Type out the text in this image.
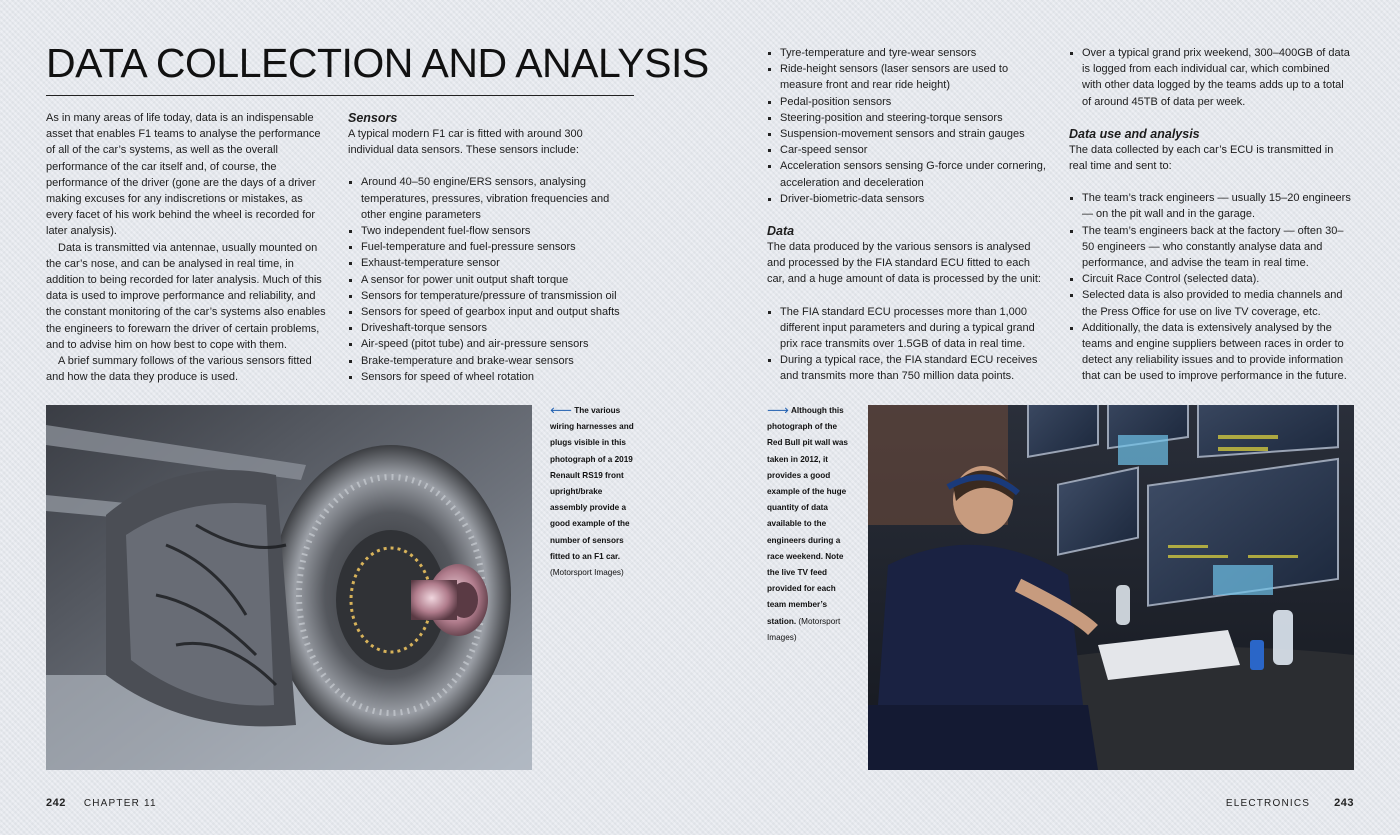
DATA COLLECTION AND ANALYSIS

As in many areas of life today, data is an indispensable asset that enables F1 teams to analyse the performance of all of the car’s systems, as well as the overall performance of the car itself and, of course, the performance of the driver (gone are the days of a driver making excuses for any indiscretions or mistakes, as every facet of his work behind the wheel is recorded for later analysis).

Data is transmitted via antennae, usually mounted on the car’s nose, and can be analysed in real time, in addition to being recorded for later analysis. Much of this data is used to improve performance and reliability, and the constant monitoring of the car’s systems also enables the engineers to forewarn the driver of certain problems, and to advise him on how best to cope with them.

A brief summary follows of the various sensors fitted and how the data they produce is used.

Sensors

A typical modern F1 car is fitted with around 300 individual data sensors. These sensors include:

Around 40–50 engine/ERS sensors, analysing temperatures, pressures, vibration frequencies and other engine parameters
Two independent fuel-flow sensors
Fuel-temperature and fuel-pressure sensors
Exhaust-temperature sensor
A sensor for power unit output shaft torque
Sensors for temperature/pressure of transmission oil
Sensors for speed of gearbox input and output shafts
Driveshaft-torque sensors
Air-speed (pitot tube) and air-pressure sensors
Brake-temperature and brake-wear sensors
Sensors for speed of wheel rotation
Tyre-temperature and tyre-wear sensors
Ride-height sensors (laser sensors are used to measure front and rear ride height)
Pedal-position sensors
Steering-position and steering-torque sensors
Suspension-movement sensors and strain gauges
Car-speed sensor
Acceleration sensors sensing G-force under cornering, acceleration and deceleration
Driver-biometric-data sensors
Data

The data produced by the various sensors is analysed and processed by the FIA standard ECU fitted to each car, and a huge amount of data is processed by the unit:

The FIA standard ECU processes more than 1,000 different input parameters and during a typical grand prix race transmits over 1.5GB of data in real time.
During a typical race, the FIA standard ECU receives and transmits more than 750 million data points.
Over a typical grand prix weekend, 300–400GB of data is logged from each individual car, which combined with other data logged by the teams adds up to a total of around 45TB of data per week.
Data use and analysis

The data collected by each car’s ECU is transmitted in real time and sent to:

The team’s track engineers — usually 15–20 engineers — on the pit wall and in the garage.
The team’s engineers back at the factory — often 30–50 engineers — who constantly analyse data and performance, and advise the team in real time.
Circuit Race Control (selected data).
Selected data is also provided to media channels and the Press Office for use on live TV coverage, etc.
Additionally, the data is extensively analysed by the teams and engine suppliers between races in order to detect any reliability issues and to provide information that can be used to improve performance in the future.
🡐 The various wiring harnesses and plugs visible in this photograph of a 2019 Renault RS19 front upright/brake assembly provide a good example of the number of sensors fitted to an F1 car. (Motorsport Images)
🡒 Although this photograph of the Red Bull pit wall was taken in 2012, it provides a good example of the huge quantity of data available to the engineers during a race weekend. Note the live TV feed provided for each team member’s station. (Motorsport Images)
242 CHAPTER 11	ELECTRONICS 243
